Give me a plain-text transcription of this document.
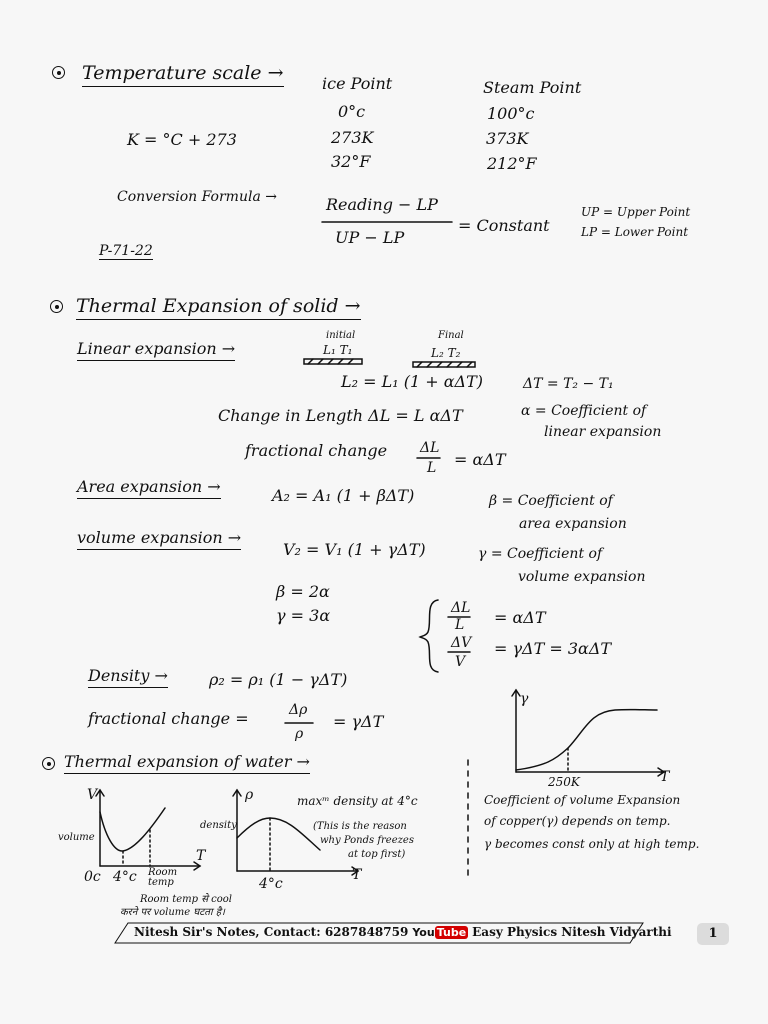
Temperature scale → ice Point	Steam Point
0°c	100°c
K = °C + 273	273K	373K
32°F	212°F
Conversion Formula →	Reading − LP
UP − LP
= Constant
UP = Upper Point
LP = Lower Point
P-71-22
Thermal Expansion of solid →
Linear expansion →
initial
L₁ T₁
Final
L₂ T₂
L₂ = L₁ (1 + αΔT)	ΔT = T₂ − T₁
α = Coefficient of
linear expansion
Change in Length ΔL = L αΔT
fractional change ΔL
L = αΔT
Area expansion →	A₂ = A₁ (1 + βΔT)	β = Coefficient of
area expansion
volume expansion →
V₂ = V₁ (1 + γΔT)	γ = Coefficient of
volume expansion
β = 2α
γ = 3α	ΔL
L = αΔT
ΔV
V
= γΔT = 3αΔT
Density →	ρ₂ = ρ₁ (1 − γΔT)
fractional change =	Δρ
ρ
= γΔT
γ
T
250K
Coefficient of volume Expansion
of copper(γ) depends on temp.
γ becomes const only at high temp.
Thermal expansion of water →
V
volume
T
0c 4°c Room temp
Room temp से cool
करने पर volume घटता है।
ρ
density
T
4°c
maxᵐ density at 4°c
(This is the reason
why Ponds freezes
at top first)
Nitesh Sir's Notes, Contact: 6287848759 You Tube Easy Physics Nitesh Vidyarthi	1
